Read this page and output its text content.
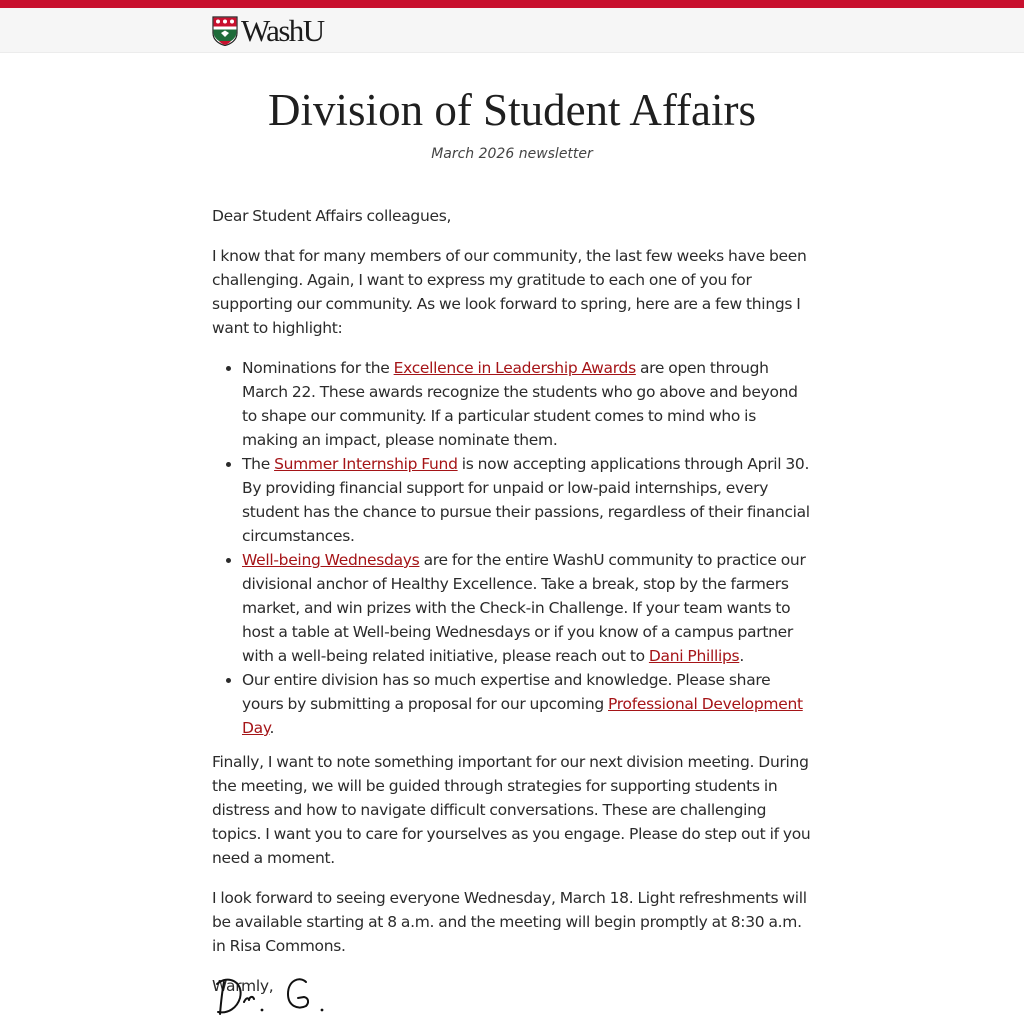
WashU
Division of Student Affairs
March 2026 newsletter

Dear Student Affairs colleagues,

I know that for many members of our community, the last few weeks have been challenging. Again, I want to express my gratitude to each one of you for supporting our community. As we look forward to spring, here are a few things I want to highlight:

• Nominations for the Excellence in Leadership Awards are open through March 22. These awards recognize the students who go above and beyond to shape our community. If a particular student comes to mind who is making an impact, please nominate them.
• The Summer Internship Fund is now accepting applications through April 30. By providing financial support for unpaid or low-paid internships, every student has the chance to pursue their passions, regardless of their financial circumstances.
• Well-being Wednesdays are for the entire WashU community to practice our divisional anchor of Healthy Excellence. Take a break, stop by the farmers market, and win prizes with the Check-in Challenge. If your team wants to host a table at Well-being Wednesdays or if you know of a campus partner with a well-being related initiative, please reach out to Dani Phillips.
• Our entire division has so much expertise and knowledge. Please share yours by submitting a proposal for our upcoming Professional Development Day.

Finally, I want to note something important for our next division meeting. During the meeting, we will be guided through strategies for supporting students in distress and how to navigate difficult conversations. These are challenging topics. I want you to care for yourselves as you engage. Please do step out if you need a moment.

I look forward to seeing everyone Wednesday, March 18. Light refreshments will be available starting at 8 a.m. and the meeting will begin promptly at 8:30 a.m. in Risa Commons.

Warmly,
